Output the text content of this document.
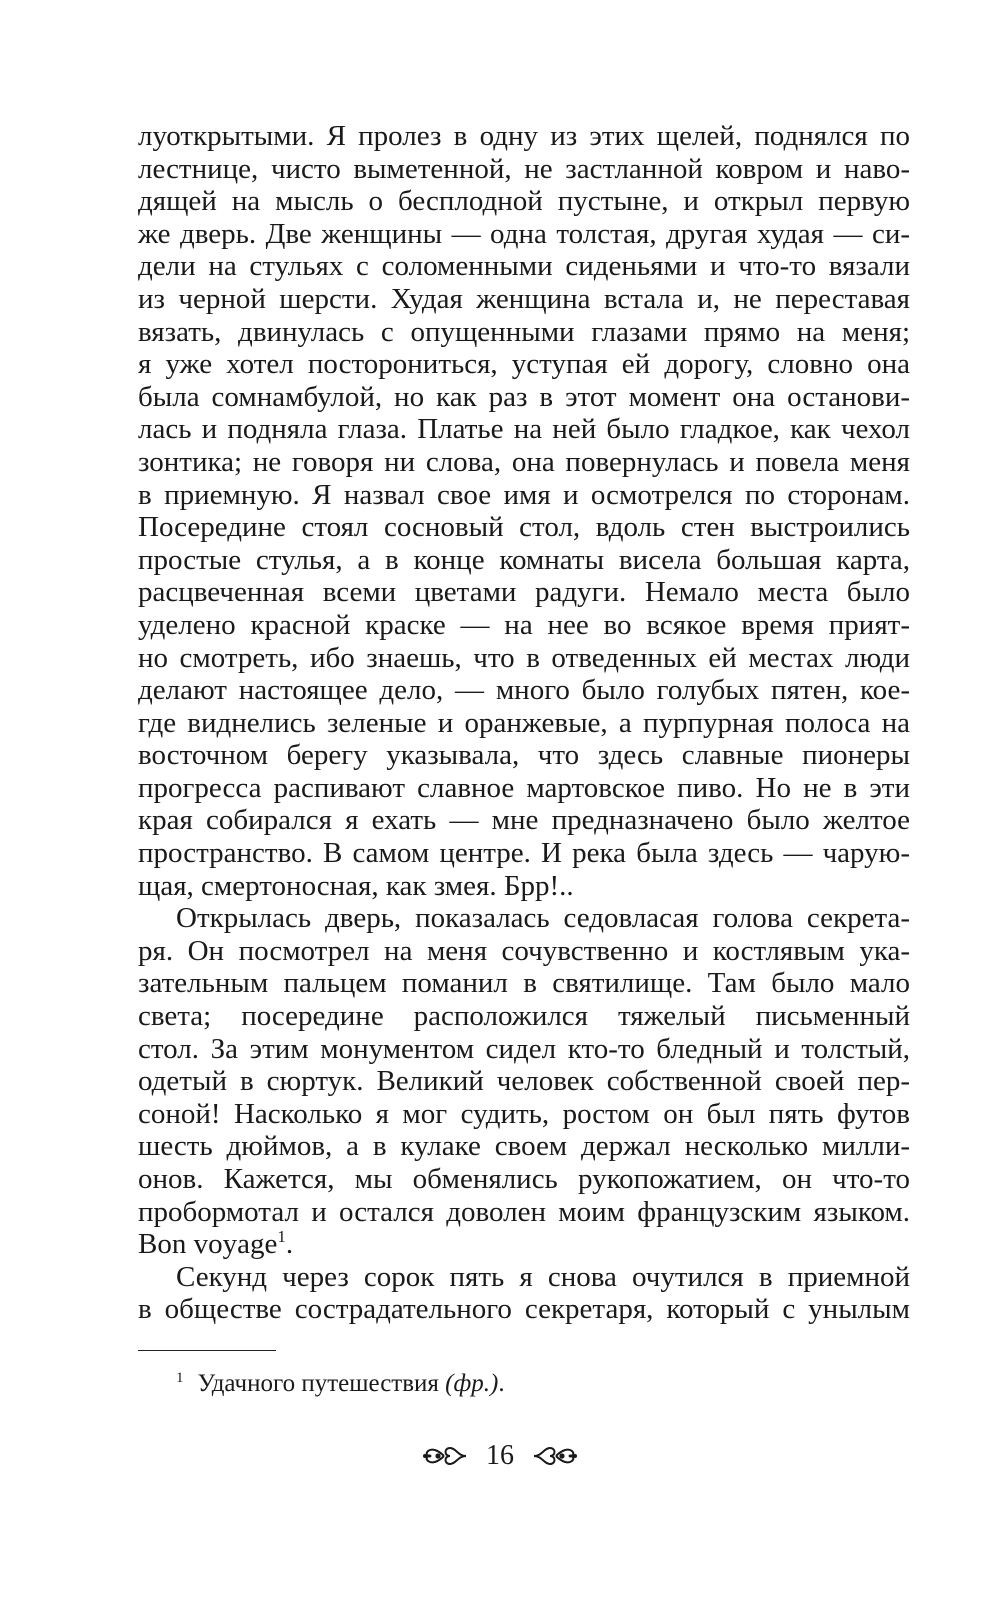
луоткрытыми. Я пролез в одну из этих щелей, поднялся по
лестнице, чисто выметенной, не застланной ковром и наво-
дящей на мысль о бесплодной пустыне, и открыл первую
же дверь. Две женщины — одна толстая, другая худая — си-
дели на стульях с соломенными сиденьями и что-то вязали
из черной шерсти. Худая женщина встала и, не переставая
вязать, двинулась с опущенными глазами прямо на меня;
я уже хотел посторониться, уступая ей дорогу, словно она
была сомнамбулой, но как раз в этот момент она останови-
лась и подняла глаза. Платье на ней было гладкое, как чехол
зонтика; не говоря ни слова, она повернулась и повела меня
в приемную. Я назвал свое имя и осмотрелся по сторонам.
Посередине стоял сосновый стол, вдоль стен выстроились
простые стулья, а в конце комнаты висела большая карта,
расцвеченная всеми цветами радуги. Немало места было
уделено красной краске — на нее во всякое время прият-
но смотреть, ибо знаешь, что в отведенных ей местах люди
делают настоящее дело, — много было голубых пятен, кое-
где виднелись зеленые и оранжевые, а пурпурная полоса на
восточном берегу указывала, что здесь славные пионеры
прогресса распивают славное мартовское пиво. Но не в эти
края собирался я ехать — мне предназначено было желтое
пространство. В самом центре. И река была здесь — чарую-
щая, смертоносная, как змея. Брр!..
Открылась дверь, показалась седовласая голова секрета-
ря. Он посмотрел на меня сочувственно и костлявым ука-
зательным пальцем поманил в святилище. Там было мало
света; посередине расположился тяжелый письменный
стол. За этим монументом сидел кто-то бледный и толстый,
одетый в сюртук. Великий человек собственной своей пер-
соной! Насколько я мог судить, ростом он был пять футов
шесть дюймов, а в кулаке своем держал несколько милли-
онов. Кажется, мы обменялись рукопожатием, он что-то
пробормотал и остался доволен моим французским языком.
Bon voyage$^1$.
Секунд через сорок пять я снова очутился в приемной
в обществе сострадательного секретаря, который с унылым
$^1$ Удачного путешествия (фр.).
16
